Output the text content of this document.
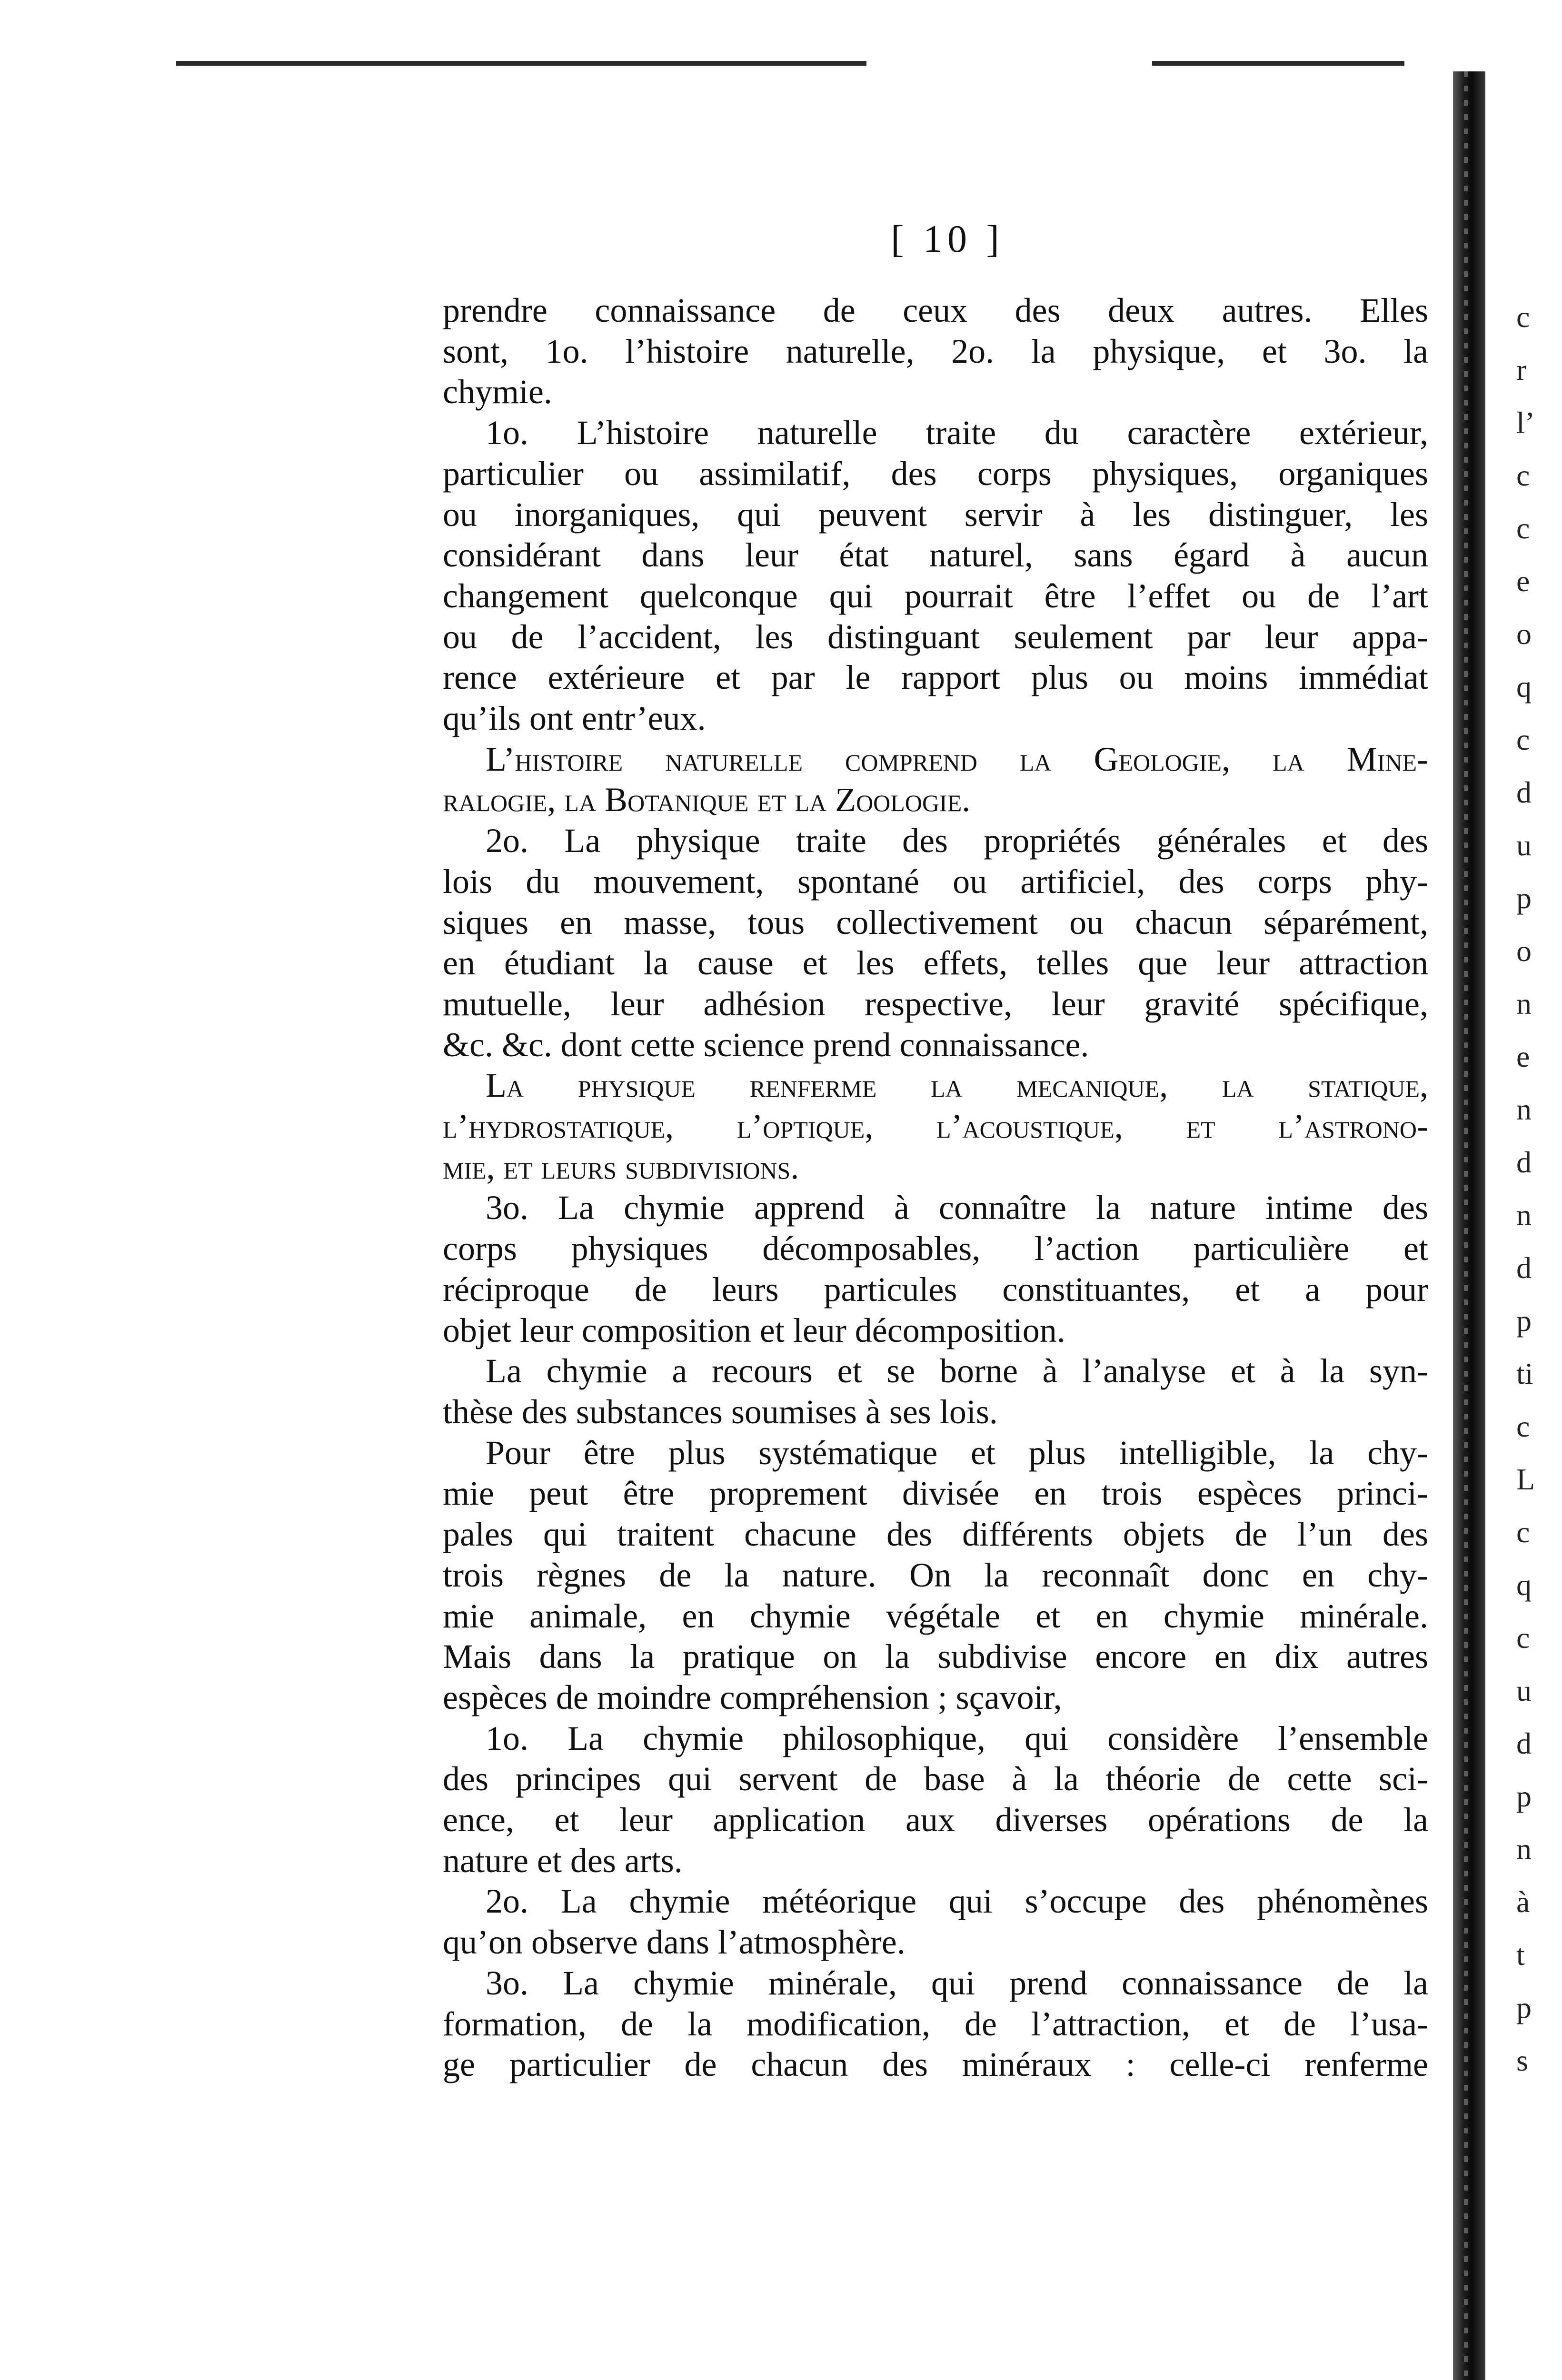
[ 10 ]
prendre connaissance de ceux des deux autres. Elles
sont, 1o. l’histoire naturelle, 2o. la physique, et 3o. la
chymie.
1o. L’histoire naturelle traite du caractère extérieur,
particulier ou assimilatif, des corps physiques, organiques
ou inorganiques, qui peuvent servir à les distinguer, les
considérant dans leur état naturel, sans égard à aucun
changement quelconque qui pourrait être l’effet ou de l’art
ou de l’accident, les distinguant seulement par leur appa-
rence extérieure et par le rapport plus ou moins immédiat
qu’ils ont entr’eux.
L’histoire naturelle comprend la Geologie, la Mine-
ralogie, la Botanique et la Zoologie.
2o. La physique traite des propriétés générales et des
lois du mouvement, spontané ou artificiel, des corps phy-
siques en masse, tous collectivement ou chacun séparément,
en étudiant la cause et les effets, telles que leur attraction
mutuelle, leur adhésion respective, leur gravité spécifique,
&c. &c. dont cette science prend connaissance.
La physique renferme la mecanique, la statique,
l’hydrostatique, l’optique, l’acoustique, et l’astrono-
mie, et leurs subdivisions.
3o. La chymie apprend à connaître la nature intime des
corps physiques décomposables, l’action particulière et
réciproque de leurs particules constituantes, et a pour
objet leur composition et leur décomposition.
La chymie a recours et se borne à l’analyse et à la syn-
thèse des substances soumises à ses lois.
Pour être plus systématique et plus intelligible, la chy-
mie peut être proprement divisée en trois espèces princi-
pales qui traitent chacune des différents objets de l’un des
trois règnes de la nature. On la reconnaît donc en chy-
mie animale, en chymie végétale et en chymie minérale.
Mais dans la pratique on la subdivise encore en dix autres
espèces de moindre compréhension ; sçavoir,
1o. La chymie philosophique, qui considère l’ensemble
des principes qui servent de base à la théorie de cette sci-
ence, et leur application aux diverses opérations de la
nature et des arts.
2o. La chymie météorique qui s’occupe des phénomènes
qu’on observe dans l’atmosphère.
3o. La chymie minérale, qui prend connaissance de la
formation, de la modification, de l’attraction, et de l’usa-
ge particulier de chacun des minéraux : celle-ci renferme
c
r
l’
c
c
e
o
q
c
d
u
p
o
n
e
n
d
n
d
p
ti
c
L
c
q
c
u
d
p
n
à
t
p
s
